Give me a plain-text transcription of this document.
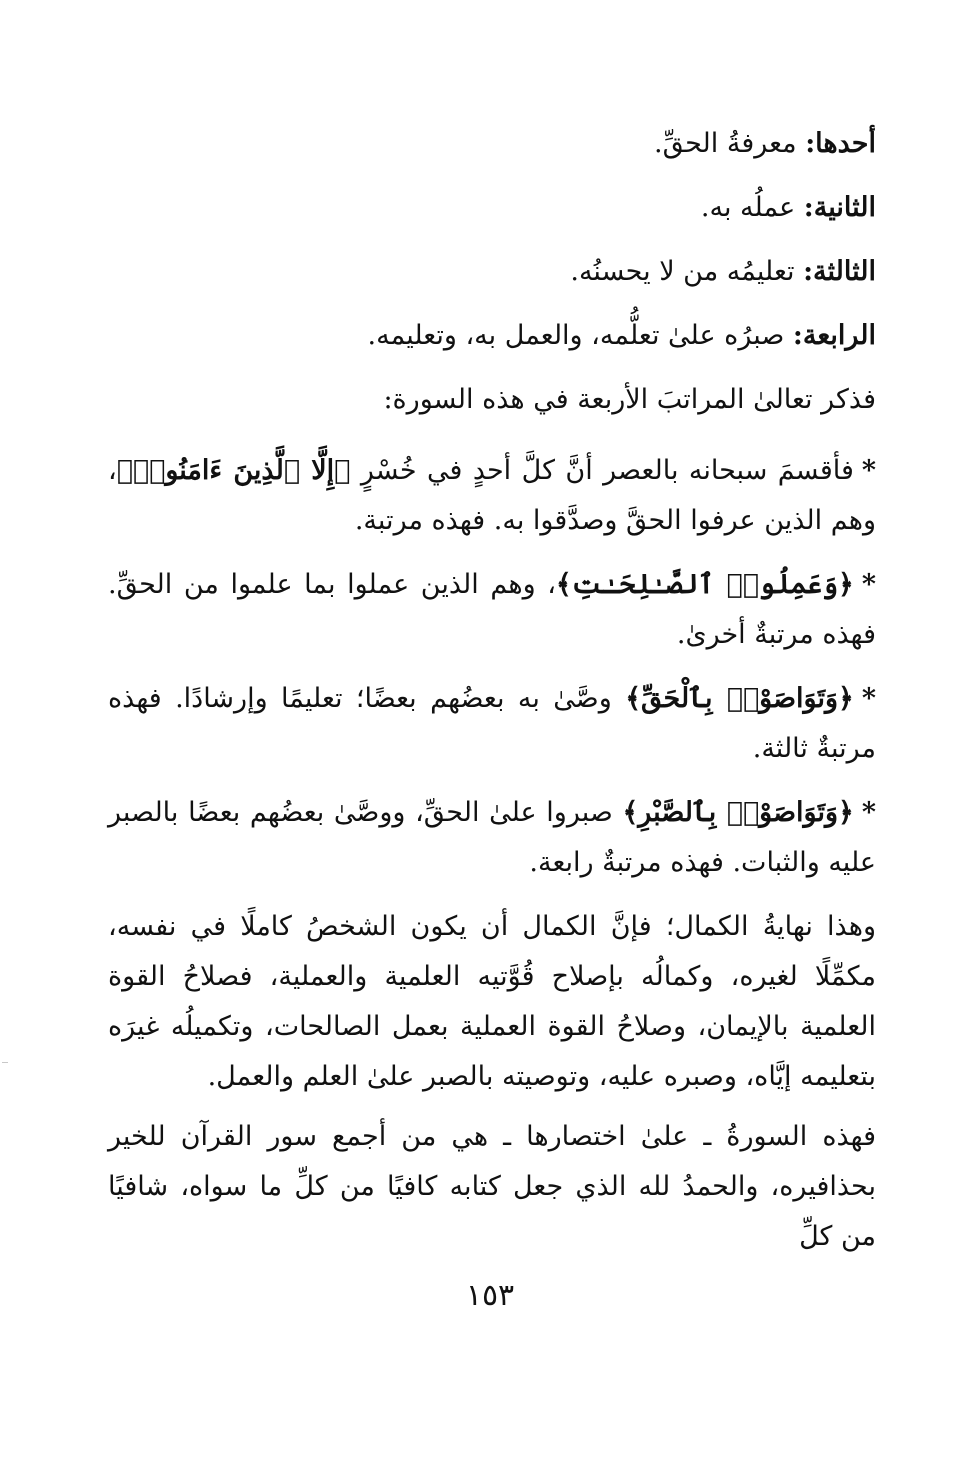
أحدها: معرفةُ الحقِّ.

الثانية: عملُه به.

الثالثة: تعليمُه من لا يحسنُه.

الرابعة: صبرُه علىٰ تعلُّمه، والعمل به، وتعليمه.

فذكر تعالىٰ المراتبَ الأربعة في هذه السورة:

*فأقسمَ سبحانه بالعصر أنَّ كلَّ أحدٍ في خُسْرٍ ﴿إِلَّا ٱلَّذِينَ ءَامَنُوا۟﴾، وهم الذين عرفوا الحقَّ وصدَّقوا به. فهذه مرتبة.

*﴿وَعَمِلُوا۟ ٱلصَّـٰلِحَـٰتِ﴾، وهم الذين عملوا بما علموا من الحقِّ. فهذه مرتبةٌ أخرىٰ.

*﴿وَتَوَاصَوْا۟ بِٱلْحَقِّ﴾ وصَّىٰ به بعضُهم بعضًا؛ تعليمًا وإرشادًا. فهذه مرتبةٌ ثالثة.

*﴿وَتَوَاصَوْا۟ بِٱلصَّبْرِ﴾ صبروا علىٰ الحقِّ، ووصَّىٰ بعضُهم بعضًا بالصبر عليه والثبات. فهذه مرتبةٌ رابعة.

وهذا نهايةُ الكمال؛ فإنَّ الكمال أن يكون الشخصُ كاملًا في نفسه، مكمِّلًا لغيره، وكمالُه بإصلاح قُوَّتيه العلمية والعملية، فصلاحُ القوة العلمية بالإيمان، وصلاحُ القوة العملية بعمل الصالحات، وتكميلُه غيرَه بتعليمه إيَّاه، وصبره عليه، وتوصيته بالصبر علىٰ العلم والعمل.

فهذه السورةُ ـ علىٰ اختصارها ـ هي من أجمع سور القرآن للخير بحذافيره، والحمدُ لله الذي جعل كتابه كافيًا من كلِّ ما سواه، شافيًا من كلِّ

١٥٣
